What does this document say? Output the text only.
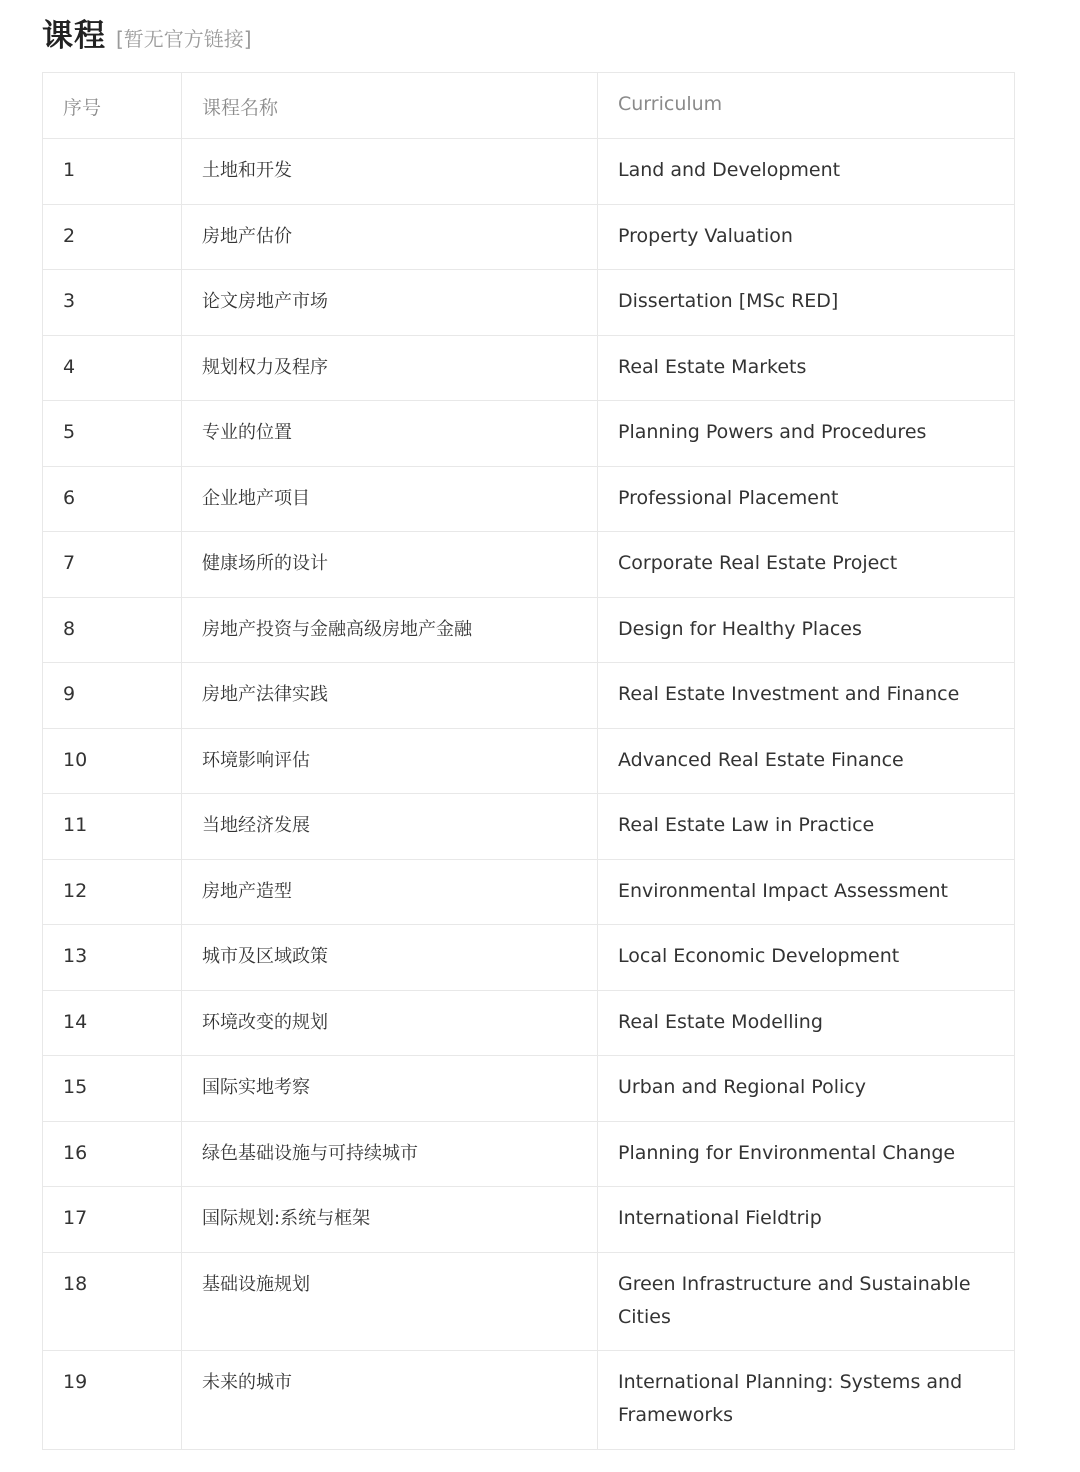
课程 [暂无官方链接]
序号	课程名称	Curriculum
1	土地和开发	Land and Development
2	房地产估价	Property Valuation
3	论文房地产市场	Dissertation [MSc RED]
4	规划权力及程序	Real Estate Markets
5	专业的位置	Planning Powers and Procedures
6	企业地产项目	Professional Placement
7	健康场所的设计	Corporate Real Estate Project
8	房地产投资与金融高级房地产金融	Design for Healthy Places
9	房地产法律实践	Real Estate Investment and Finance
10	环境影响评估	Advanced Real Estate Finance
11	当地经济发展	Real Estate Law in Practice
12	房地产造型	Environmental Impact Assessment
13	城市及区域政策	Local Economic Development
14	环境改变的规划	Real Estate Modelling
15	国际实地考察	Urban and Regional Policy
16	绿色基础设施与可持续城市	Planning for Environmental Change
17	国际规划:系统与框架	International Fieldtrip
18	基础设施规划	Green Infrastructure and Sustainable Cities
19	未来的城市	International Planning: Systems and Frameworks
